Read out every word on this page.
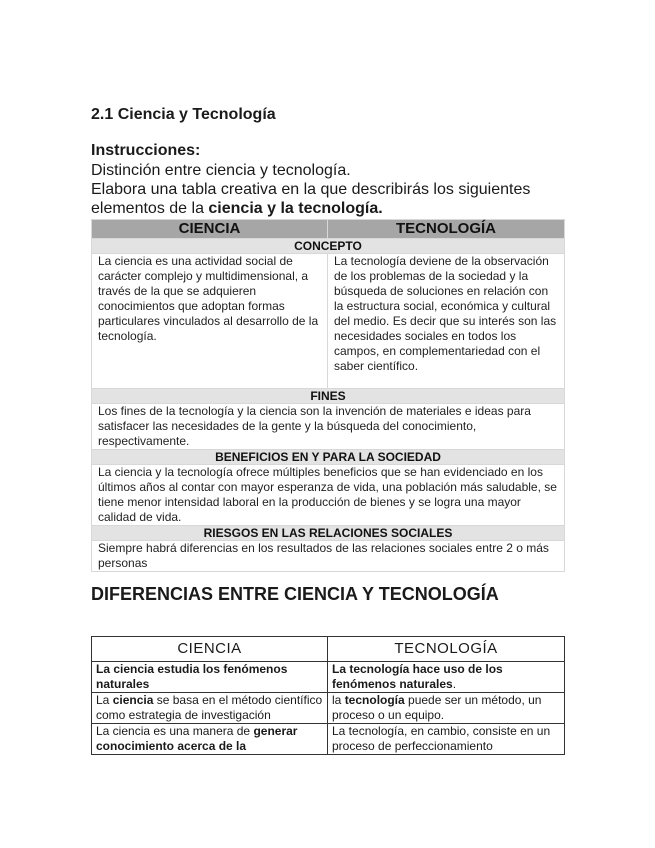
2.1 Ciencia y Tecnología
Instrucciones:

Distinción entre ciencia y tecnología.

Elabora una tabla creativa en la que describirás los siguientes

elementos de la ciencia y la tecnología.

CIENCIA	TECNOLOGÍA
CONCEPTO	
La ciencia es una actividad social de carácter complejo y multidimensional, a través de la que se adquieren conocimientos que adoptan formas particulares vinculados al desarrollo de la tecnología.	La tecnología deviene de la observación de los problemas de la sociedad y la búsqueda de soluciones en relación con la estructura social, económica y cultural del medio. Es decir que su interés son las necesidades sociales en todos los campos, en complementariedad con el saber científico.
FINES	
Los fines de la tecnología y la ciencia son la invención de materiales e ideas para satisfacer las necesidades de la gente y la búsqueda del conocimiento, respectivamente.	
BENEFICIOS EN Y PARA LA SOCIEDAD	
La ciencia y la tecnología ofrece múltiples beneficios que se han evidenciado en los últimos años al contar con mayor esperanza de vida, una población más saludable, se tiene menor intensidad laboral en la producción de bienes y se logra una mayor calidad de vida.	
RIESGOS EN LAS RELACIONES SOCIALES	
Siempre habrá diferencias en los resultados de las relaciones sociales entre 2 o más personas	
DIFERENCIAS ENTRE CIENCIA Y TECNOLOGÍA
CIENCIA	TECNOLOGÍA
La ciencia estudia los fenómenos naturales	La tecnología hace uso de los fenómenos naturales.
La ciencia se basa en el método científico como estrategia de investigación	la tecnología puede ser un método, un proceso o un equipo.
La ciencia es una manera de generar conocimiento acerca de la	La tecnología, en cambio, consiste en un proceso de perfeccionamiento
